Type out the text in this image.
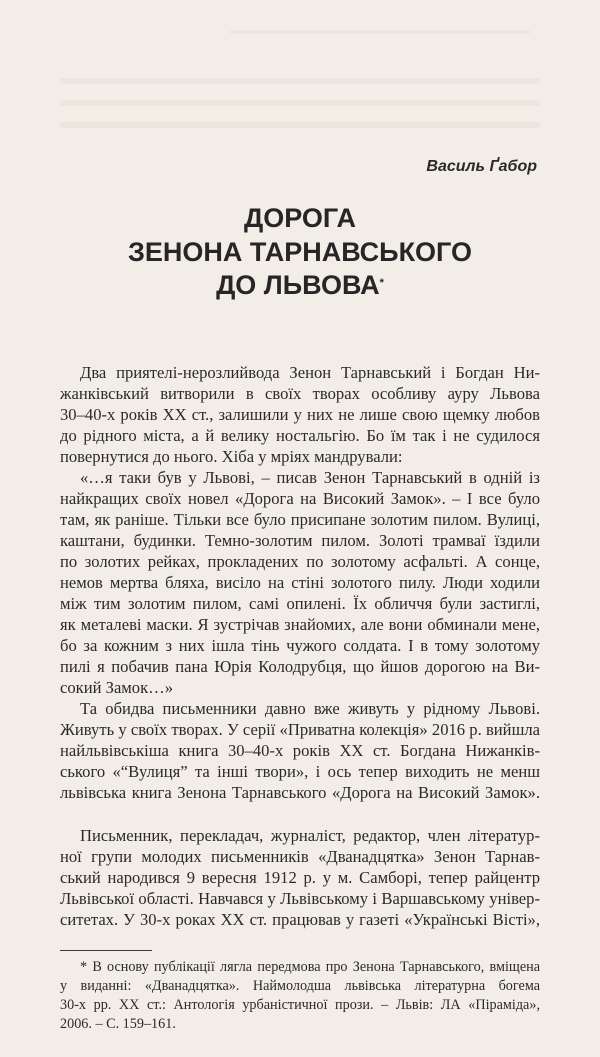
Василь Ґабор
ДОРОГА
ЗЕНОНА ТАРНАВСЬКОГО
ДО ЛЬВОВА*
Два приятелі-нерозлийвода Зенон Тарнавський і Богдан Ни-
жанківський витворили в своїх творах особливу ауру Львова
30–40-х років XX ст., залишили у них не лише свою щемку любов
до рідного міста, а й велику ностальгію. Бо їм так і не судилося
повернутися до нього. Хіба у мріях мандрували:
«…я таки був у Львові, – писав Зенон Тарнавський в одній із
найкращих своїх новел «Дорога на Високий Замок». – І все було
там, як раніше. Тільки все було присипане золотим пилом. Вулиці,
каштани, будинки. Темно-золотим пилом. Золоті трамваї їздили
по золотих рейках, прокладених по золотому асфальті. А сонце,
немов мертва бляха, висіло на стіні золотого пилу. Люди ходили
між тим золотим пилом, самі опилені. Їх обличчя були застиглі,
як металеві маски. Я зустрічав знайомих, але вони обминали мене,
бо за кожним з них ішла тінь чужого солдата. І в тому золотому
пилі я побачив пана Юрія Колодрубця, що йшов дорогою на Ви-
сокий Замок…»
Та обидва письменники давно вже живуть у рідному Львові.
Живуть у своїх творах. У серії «Приватна колекція» 2016 р. вийшла
найльвівськіша книга 30–40-х років XX ст. Богдана Нижанків-
ського «“Вулиця” та інші твори», і ось тепер виходить не менш
львівська книга Зенона Тарнавського «Дорога на Високий Замок».
Письменник, перекладач, журналіст, редактор, член літератур-
ної групи молодих письменників «Дванадцятка» Зенон Тарнав-
ський народився 9 вересня 1912 р. у м. Самборі, тепер райцентр
Львівської області. Навчався у Львівському і Варшавському універ-
ситетах. У 30-х роках XX ст. працював у газеті «Українські Вісті»,
* В основу публікації лягла передмова про Зенона Тарнавського, вміщена
у виданні: «Дванадцятка». Наймолодша львівська літературна богема
30-х рр. XX ст.: Антологія урбаністичної прози. – Львів: ЛА «Піраміда»,
2006. – С. 159–161.
